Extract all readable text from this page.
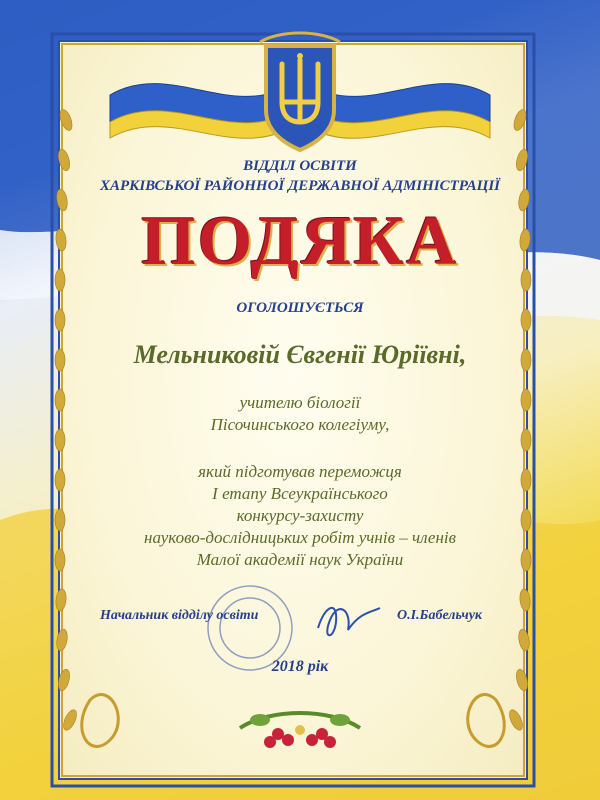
ВІДДІЛ ОСВІТИ
ХАРКІВСЬКОЇ РАЙОННОЇ ДЕРЖАВНОЇ АДМІНІСТРАЦІЇ
ПОДЯКА
ОГОЛОШУЄТЬСЯ
Мельниковій Євгенії Юріївні,
учителю біології
Пісочинського колегіуму,
який підготував переможця
І етапу Всеукраїнського
конкурсу-захисту
науково-дослідницьких робіт учнів – членів
Малої академії наук України
Начальник відділу освіти	О.І.Бабельчук
2018 рік
